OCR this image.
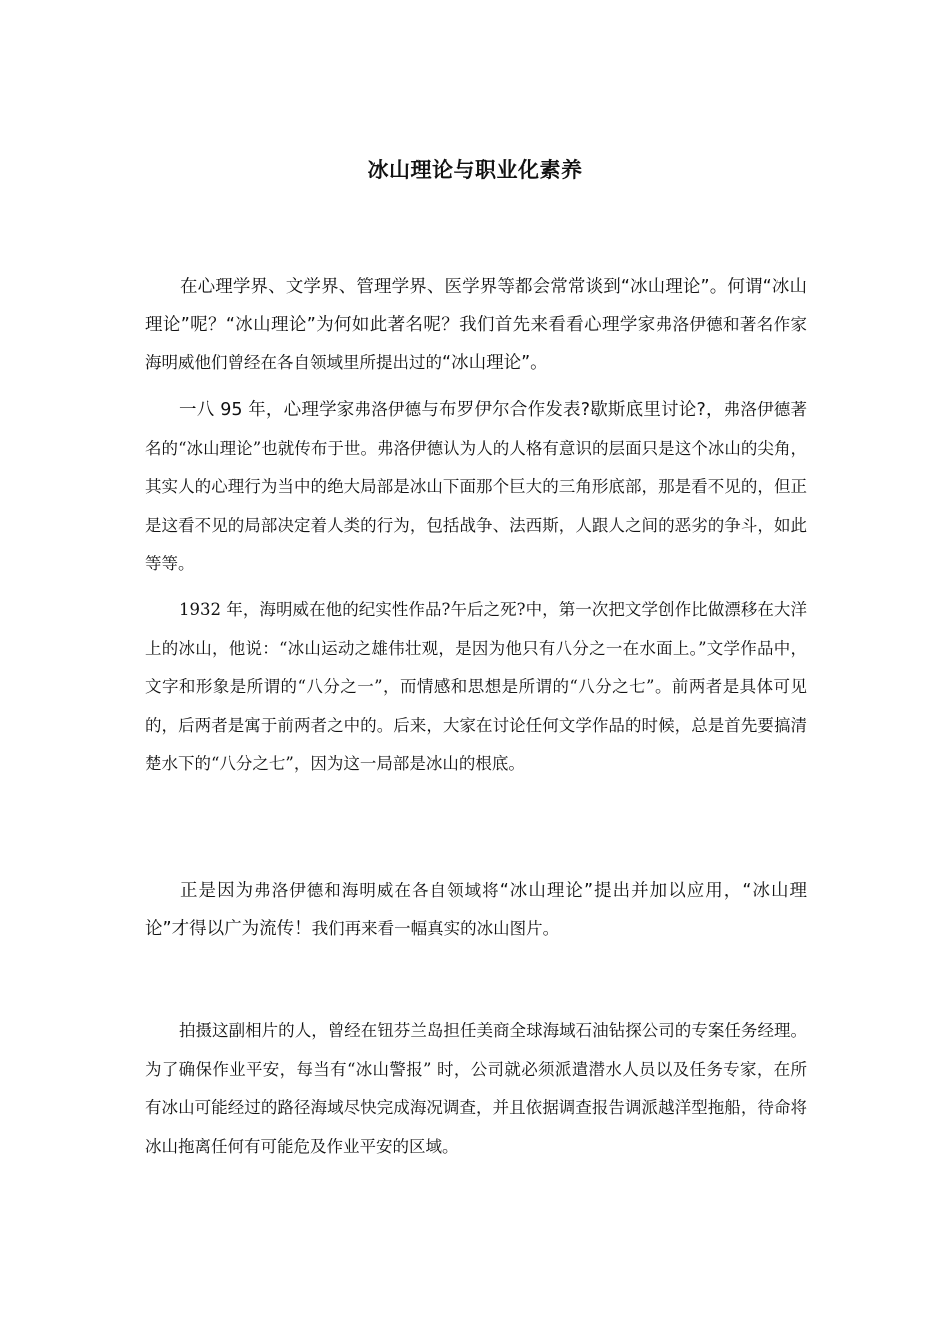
冰山理论与职业化素养

在心理学界、文学界、管理学界、医学界等都会常常谈到“冰山理论”。何谓“冰山理论”呢？“冰山理论”为何如此著名呢？我们首先来看看心理学家弗洛伊德和著名作家海明威他们曾经在各自领域里所提出过的“冰山理论”。

一八 95 年，心理学家弗洛伊德与布罗伊尔合作发表?歇斯底里讨论?，弗洛伊德著名的“冰山理论”也就传布于世。弗洛伊德认为人的人格有意识的层面只是这个冰山的尖角，其实人的心理行为当中的绝大局部是冰山下面那个巨大的三角形底部，那是看不见的，但正是这看不见的局部决定着人类的行为，包括战争、法西斯，人跟人之间的恶劣的争斗，如此等等。

1932 年，海明威在他的纪实性作品?午后之死?中，第一次把文学创作比做漂移在大洋上的冰山，他说：“冰山运动之雄伟壮观，是因为他只有八分之一在水面上。”文学作品中，文字和形象是所谓的“八分之一”，而情感和思想是所谓的“八分之七”。前两者是具体可见的，后两者是寓于前两者之中的。后来，大家在讨论任何文学作品的时候，总是首先要搞清楚水下的“八分之七”，因为这一局部是冰山的根底。

正是因为弗洛伊德和海明威在各自领域将“冰山理论”提出并加以应用，“冰山理论”才得以广为流传！我们再来看一幅真实的冰山图片。

拍摄这副相片的人，曾经在钮芬兰岛担任美商全球海域石油钻探公司的专案任务经理。为了确保作业平安，每当有“冰山警报” 时，公司就必须派遣潜水人员以及任务专家，在所有冰山可能经过的路径海域尽快完成海况调查，并且依据调查报告调派越洋型拖船，待命将冰山拖离任何有可能危及作业平安的区域。
